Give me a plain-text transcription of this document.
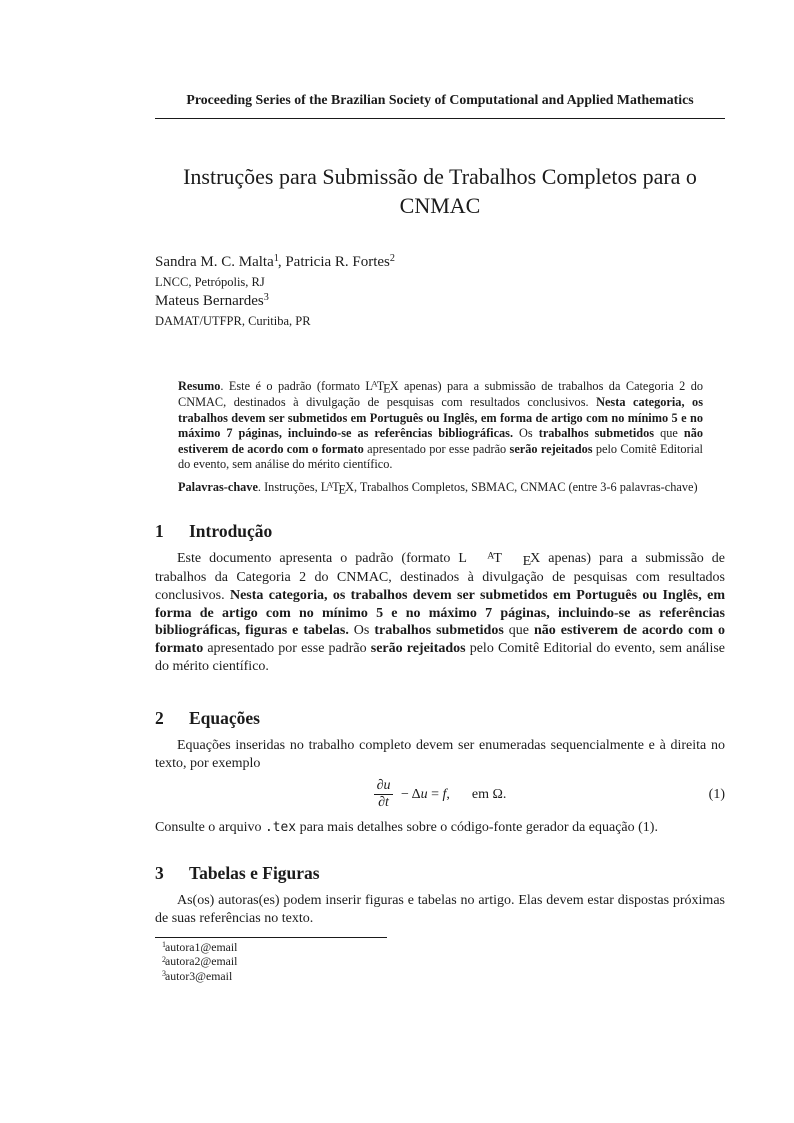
Proceeding Series of the Brazilian Society of Computational and Applied Mathematics
Instruções para Submissão de Trabalhos Completos para o
CNMAC
Sandra M. C. Malta$^1$, Patricia R. Fortes$^2$
LNCC, Petrópolis, RJ
Mateus Bernardes$^3$
DAMAT/UTFPR, Curitiba, PR
Resumo. Este é o padrão (formato LATEX apenas) para a submissão de trabalhos da Categoria 2 do CNMAC, destinados à divulgação de pesquisas com resultados conclusivos. Nesta categoria, os trabalhos devem ser submetidos em Português ou Inglês, em forma de artigo com no mínimo 5 e no máximo 7 páginas, incluindo-se as referências bibliográficas. Os trabalhos submetidos que não estiverem de acordo com o formato apresentado por esse padrão serão rejeitados pelo Comitê Editorial do evento, sem análise do mérito científico.
Palavras-chave. Instruções, LATEX, Trabalhos Completos, SBMAC, CNMAC (entre 3-6 palavras-chave)
1	Introdução
Este documento apresenta o padrão (formato L AT EX apenas) para a submissão de trabalhos da Categoria 2 do CNMAC, destinados à divulgação de pesquisas com resultados conclusivos. Nesta categoria, os trabalhos devem ser submetidos em Português ou Inglês, em forma de artigo com no mínimo 5 e no máximo 7 páginas, incluindo-se as referências bibliográficas, figuras e tabelas. Os trabalhos submetidos que não estiverem de acordo com o formato apresentado por esse padrão serão rejeitados pelo Comitê Editorial do evento, sem análise do mérito científico.
2	Equações
Equações inseridas no trabalho completo devem ser enumeradas sequencialmente e à direita no texto, por exemplo
$\frac{\partial u}{\partial t} - \Delta u = f$, em Ω.	(1)
Consulte o arquivo .tex para mais detalhes sobre o código-fonte gerador da equação (1).
3	Tabelas e Figuras
As(os) autoras(es) podem inserir figuras e tabelas no artigo. Elas devem estar dispostas próximas de suas referências no texto.
$^1$autora1@email
$^2$autora2@email
$^3$autor3@email
